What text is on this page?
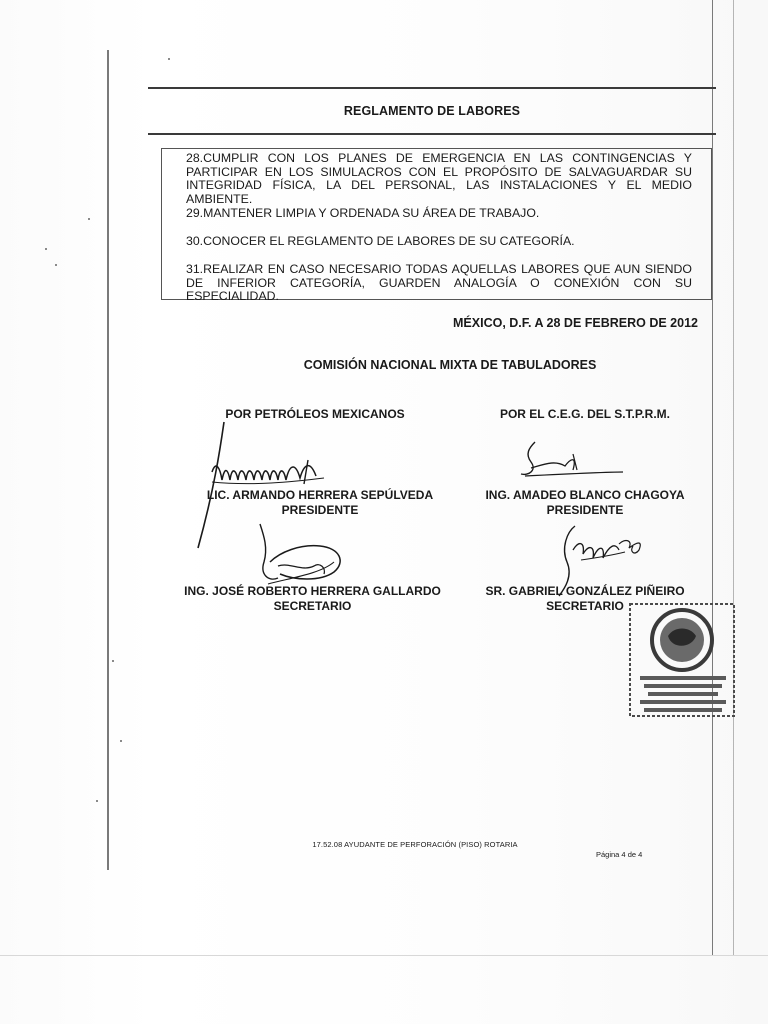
REGLAMENTO DE LABORES
28.CUMPLIR CON LOS PLANES DE EMERGENCIA EN LAS CONTINGENCIAS Y PARTICIPAR EN LOS SIMULACROS CON EL PROPÓSITO DE SALVAGUARDAR SU INTEGRIDAD FÍSICA, LA DEL PERSONAL, LAS INSTALACIONES Y EL MEDIO AMBIENTE.
29.MANTENER LIMPIA Y ORDENADA SU ÁREA DE TRABAJO.
30.CONOCER EL REGLAMENTO DE LABORES DE SU CATEGORÍA.
31.REALIZAR EN CASO NECESARIO TODAS AQUELLAS LABORES QUE AUN SIENDO DE INFERIOR CATEGORÍA, GUARDEN ANALOGÍA O CONEXIÓN CON SU ESPECIALIDAD.
MÉXICO, D.F. A 28 DE FEBRERO DE 2012
COMISIÓN NACIONAL MIXTA DE TABULADORES
POR PETRÓLEOS MEXICANOS	POR EL C.E.G. DEL S.T.P.R.M.
LIC. ARMANDO HERRERA SEPÚLVEDA
PRESIDENTE
ING. AMADEO BLANCO CHAGOYA
PRESIDENTE
ING. JOSÉ ROBERTO HERRERA GALLARDO
SECRETARIO
SR. GABRIEL GONZÁLEZ PIÑEIRO
SECRETARIO
17.52.08 AYUDANTE DE PERFORACIÓN (PISO) ROTARIA
Página 4 de 4
